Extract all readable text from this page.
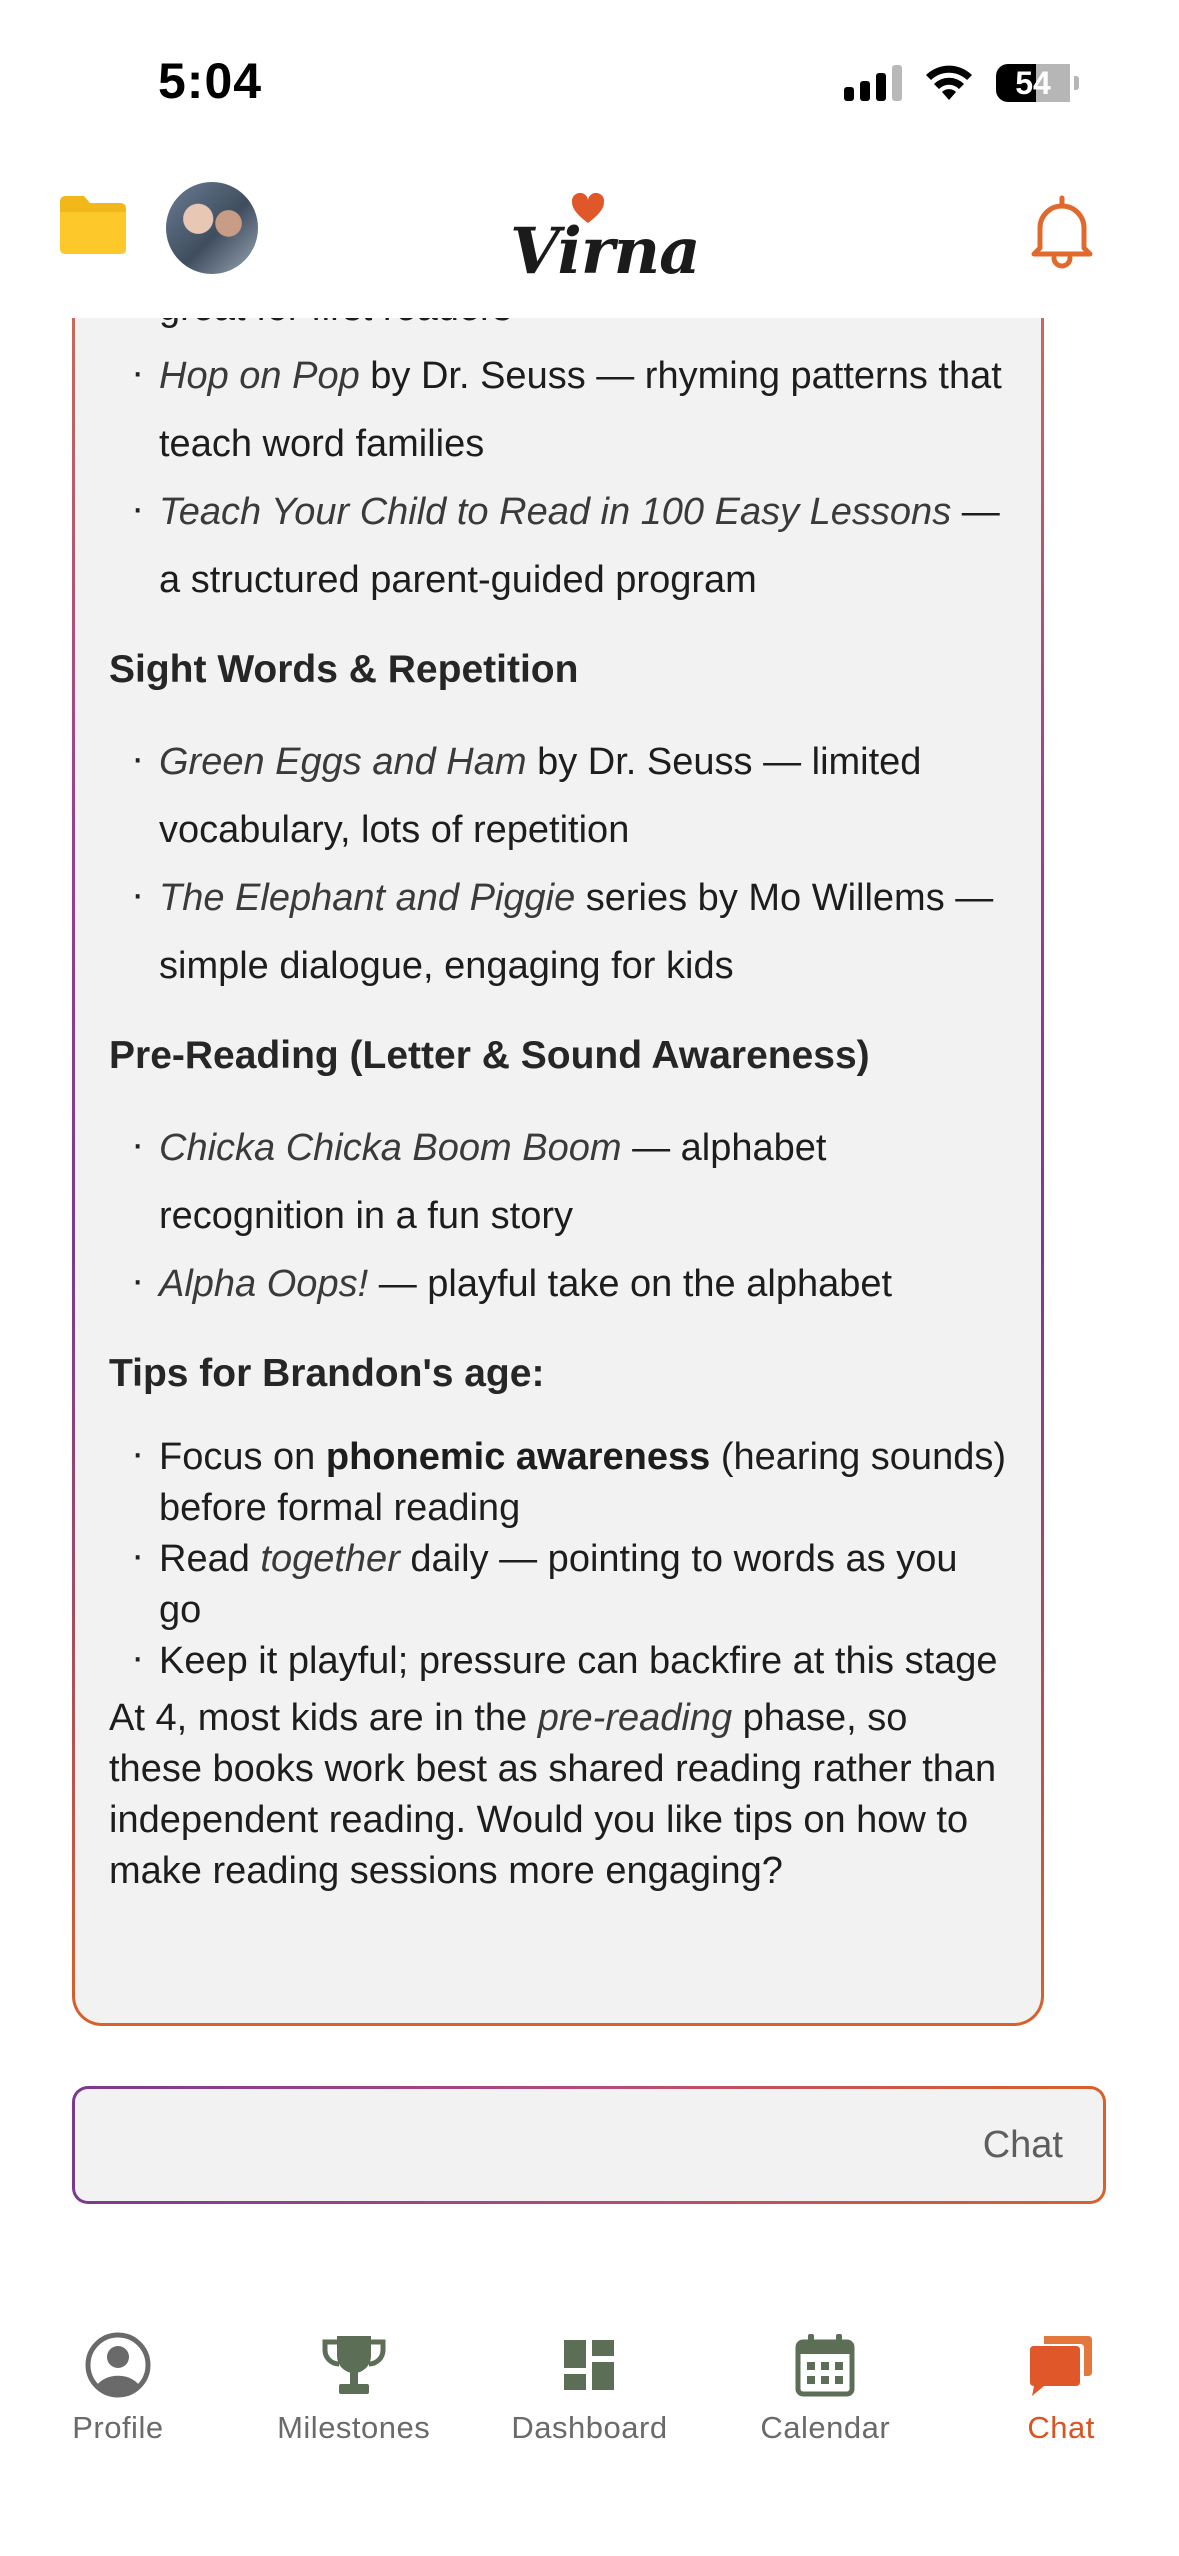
5:04	54
Virna
·
· Hop on Pop by Dr. Seuss — rhyming patterns that teach word families
· Teach Your Child to Read in 100 Easy Lessons — a structured parent-guided program
Sight Words & Repetition
· Green Eggs and Ham by Dr. Seuss — limited vocabulary, lots of repetition
· The Elephant and Piggie series by Mo Willems — simple dialogue, engaging for kids
Pre-Reading (Letter & Sound Awareness)
· Chicka Chicka Boom Boom — alphabet recognition in a fun story
· Alpha Oops! — playful take on the alphabet
Tips for Brandon's age:
· Focus on phonemic awareness (hearing sounds) before formal reading
· Read together daily — pointing to words as you go
· Keep it playful; pressure can backfire at this stage

At 4, most kids are in the pre-reading phase, so these books work best as shared reading rather than independent reading. Would you like tips on how to make reading sessions more engaging?

Chat
Profile	Milestones	Dashboard	Calendar	Chat
